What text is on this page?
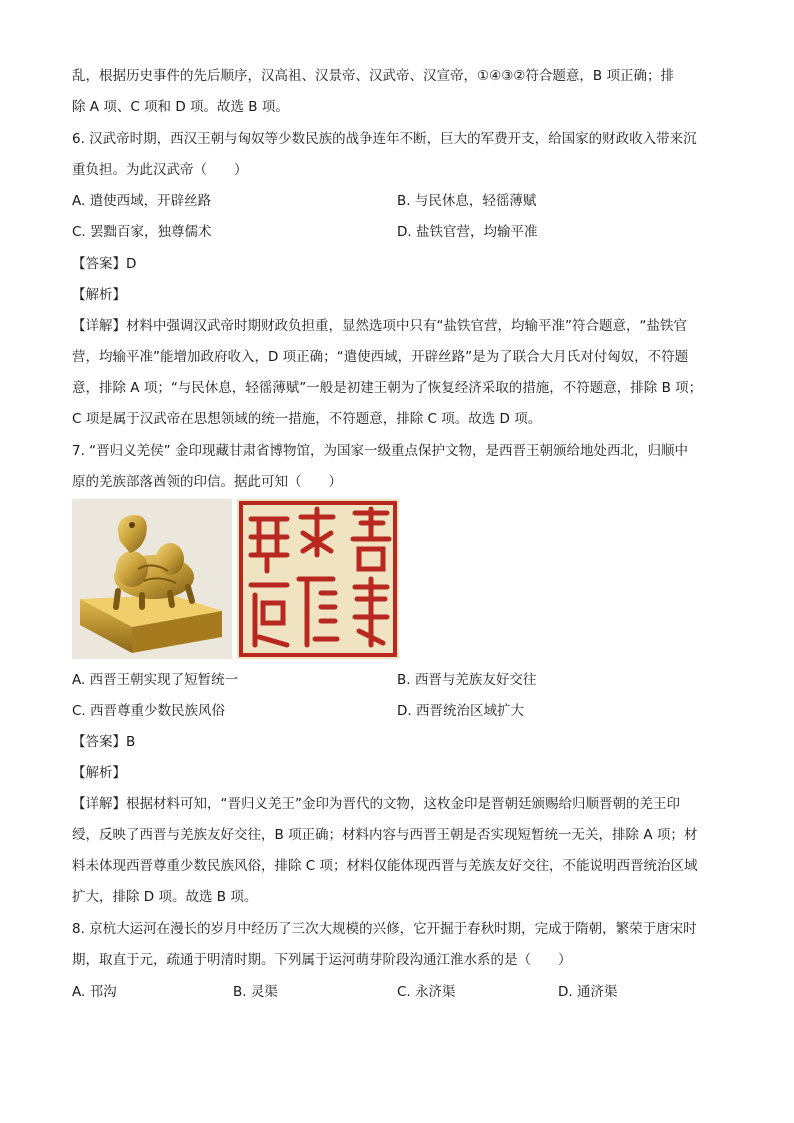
乱，根据历史事件的先后顺序，汉高祖、汉景帝、汉武帝、汉宣帝，①④③②符合题意，B 项正确；排
除 A 项、C 项和 D 项。故选 B 项。
6. 汉武帝时期，西汉王朝与匈奴等少数民族的战争连年不断，巨大的军费开支，给国家的财政收入带来沉
重负担。为此汉武帝（　　）
A. 遣使西域，开辟丝路	B. 与民休息，轻徭薄赋
C. 罢黜百家，独尊儒术	D. 盐铁官营，均输平准
【答案】D
【解析】
【详解】材料中强调汉武帝时期财政负担重，显然选项中只有“盐铁官营，均输平准”符合题意，“盐铁官
营，均输平准”能增加政府收入，D 项正确；“遣使西域，开辟丝路”是为了联合大月氏对付匈奴，不符题
意，排除 A 项；“与民休息，轻徭薄赋”一般是初建王朝为了恢复经济采取的措施，不符题意，排除 B 项；
C 项是属于汉武帝在思想领域的统一措施，不符题意，排除 C 项。故选 D 项。
7. “晋归义羌侯” 金印现藏甘肃省博物馆，为国家一级重点保护文物，是西晋王朝颁给地处西北，归顺中
原的羌族部落酋领的印信。据此可知（　　）
A. 西晋王朝实现了短暂统一	B. 西晋与羌族友好交往
C. 西晋尊重少数民族风俗	D. 西晋统治区域扩大
【答案】B
【解析】
【详解】根据材料可知，“晋归义羌王”金印为晋代的文物，这枚金印是晋朝廷颁赐给归顺晋朝的羌王印
绶，反映了西晋与羌族友好交往，B 项正确；材料内容与西晋王朝是否实现短暂统一无关，排除 A 项；材
料未体现西晋尊重少数民族风俗，排除 C 项；材料仅能体现西晋与羌族友好交往，不能说明西晋统治区域
扩大，排除 D 项。故选 B 项。
8. 京杭大运河在漫长的岁月中经历了三次大规模的兴修，它开掘于春秋时期，完成于隋朝，繁荣于唐宋时
期，取直于元，疏通于明清时期。下列属于运河萌芽阶段沟通江淮水系的是（　　）
A. 邗沟	B. 灵渠	C. 永济渠	D. 通济渠
